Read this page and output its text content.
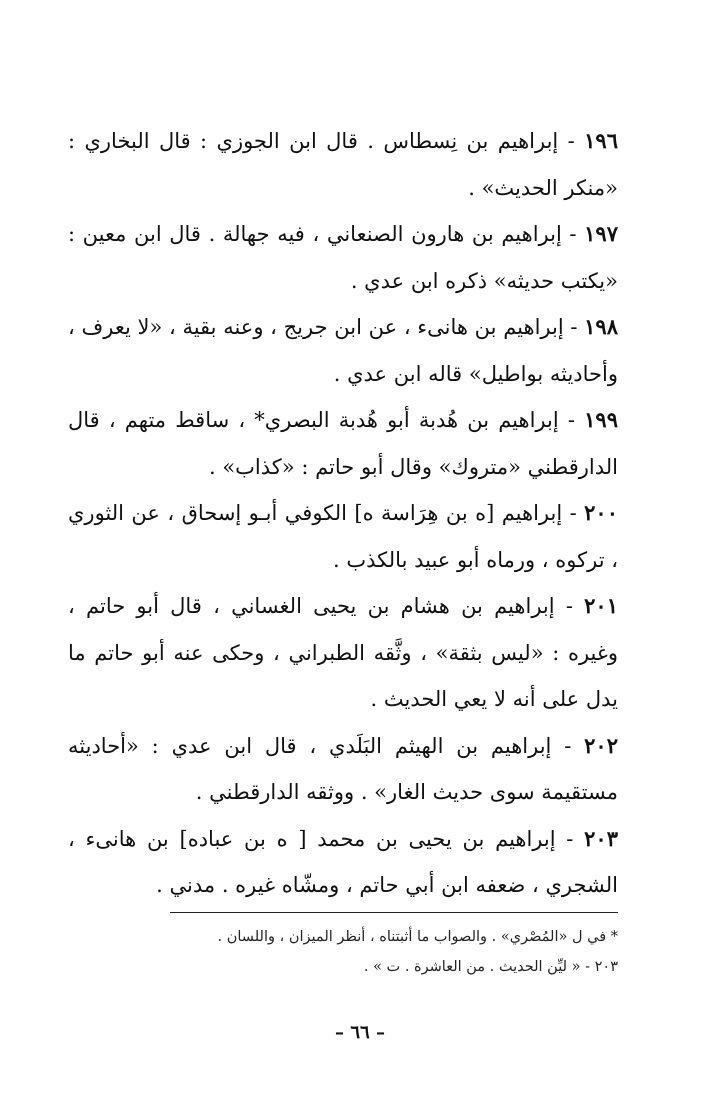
١٩٦ - إبراهيم بن نِسطاس . قال ابن الجوزي : قال البخاري : «منكر الحديث» .

١٩٧ - إبراهيم بن هارون الصنعاني ، فيه جهالة . قال ابن معين : «يكتب حديثه» ذكره ابن عدي .

١٩٨ - إبراهيم بن هانىء ، عن ابن جريج ، وعنه بقية ، «لا يعرف ، وأحاديثه بواطيل» قاله ابن عدي .

١٩٩ - إبراهيم بن هُدبة أبو هُدبة البصري* ، ساقط متهم ، قال الدارقطني «متروك» وقال أبو حاتم : «كذاب» .

٢٠٠ - إبراهيم [ه بن هِرَاسة ه] الكوفي أبـو إسحاق ، عن الثوري ، تركوه ، ورماه أبو عبيد بالكذب .

٢٠١ - إبراهيم بن هشام بن يحيى الغساني ، قال أبو حاتم ، وغيره : «ليس بثقة» ، وثَّقه الطبراني ، وحكى عنه أبو حاتم ما يدل على أنه لا يعي الحديث .

٢٠٢ - إبراهيم بن الهيثم البَلَدي ، قال ابن عدي : «أحاديثه مستقيمة سوى حديث الغار» . ووثقه الدارقطني .

٢٠٣ - إبراهيم بن يحيى بن محمد [ ه بن عباده] بن هانىء ، الشجري ، ضعفه ابن أبي حاتم ، ومشّاه غيره . مدني .

* في ل «المُصْري» . والصواب ما أثبتناه ، أنظر الميزان ، واللسان .

٢٠٣ - « ليِّن الحديث . من العاشرة . ت » .

– ٦٦ –
